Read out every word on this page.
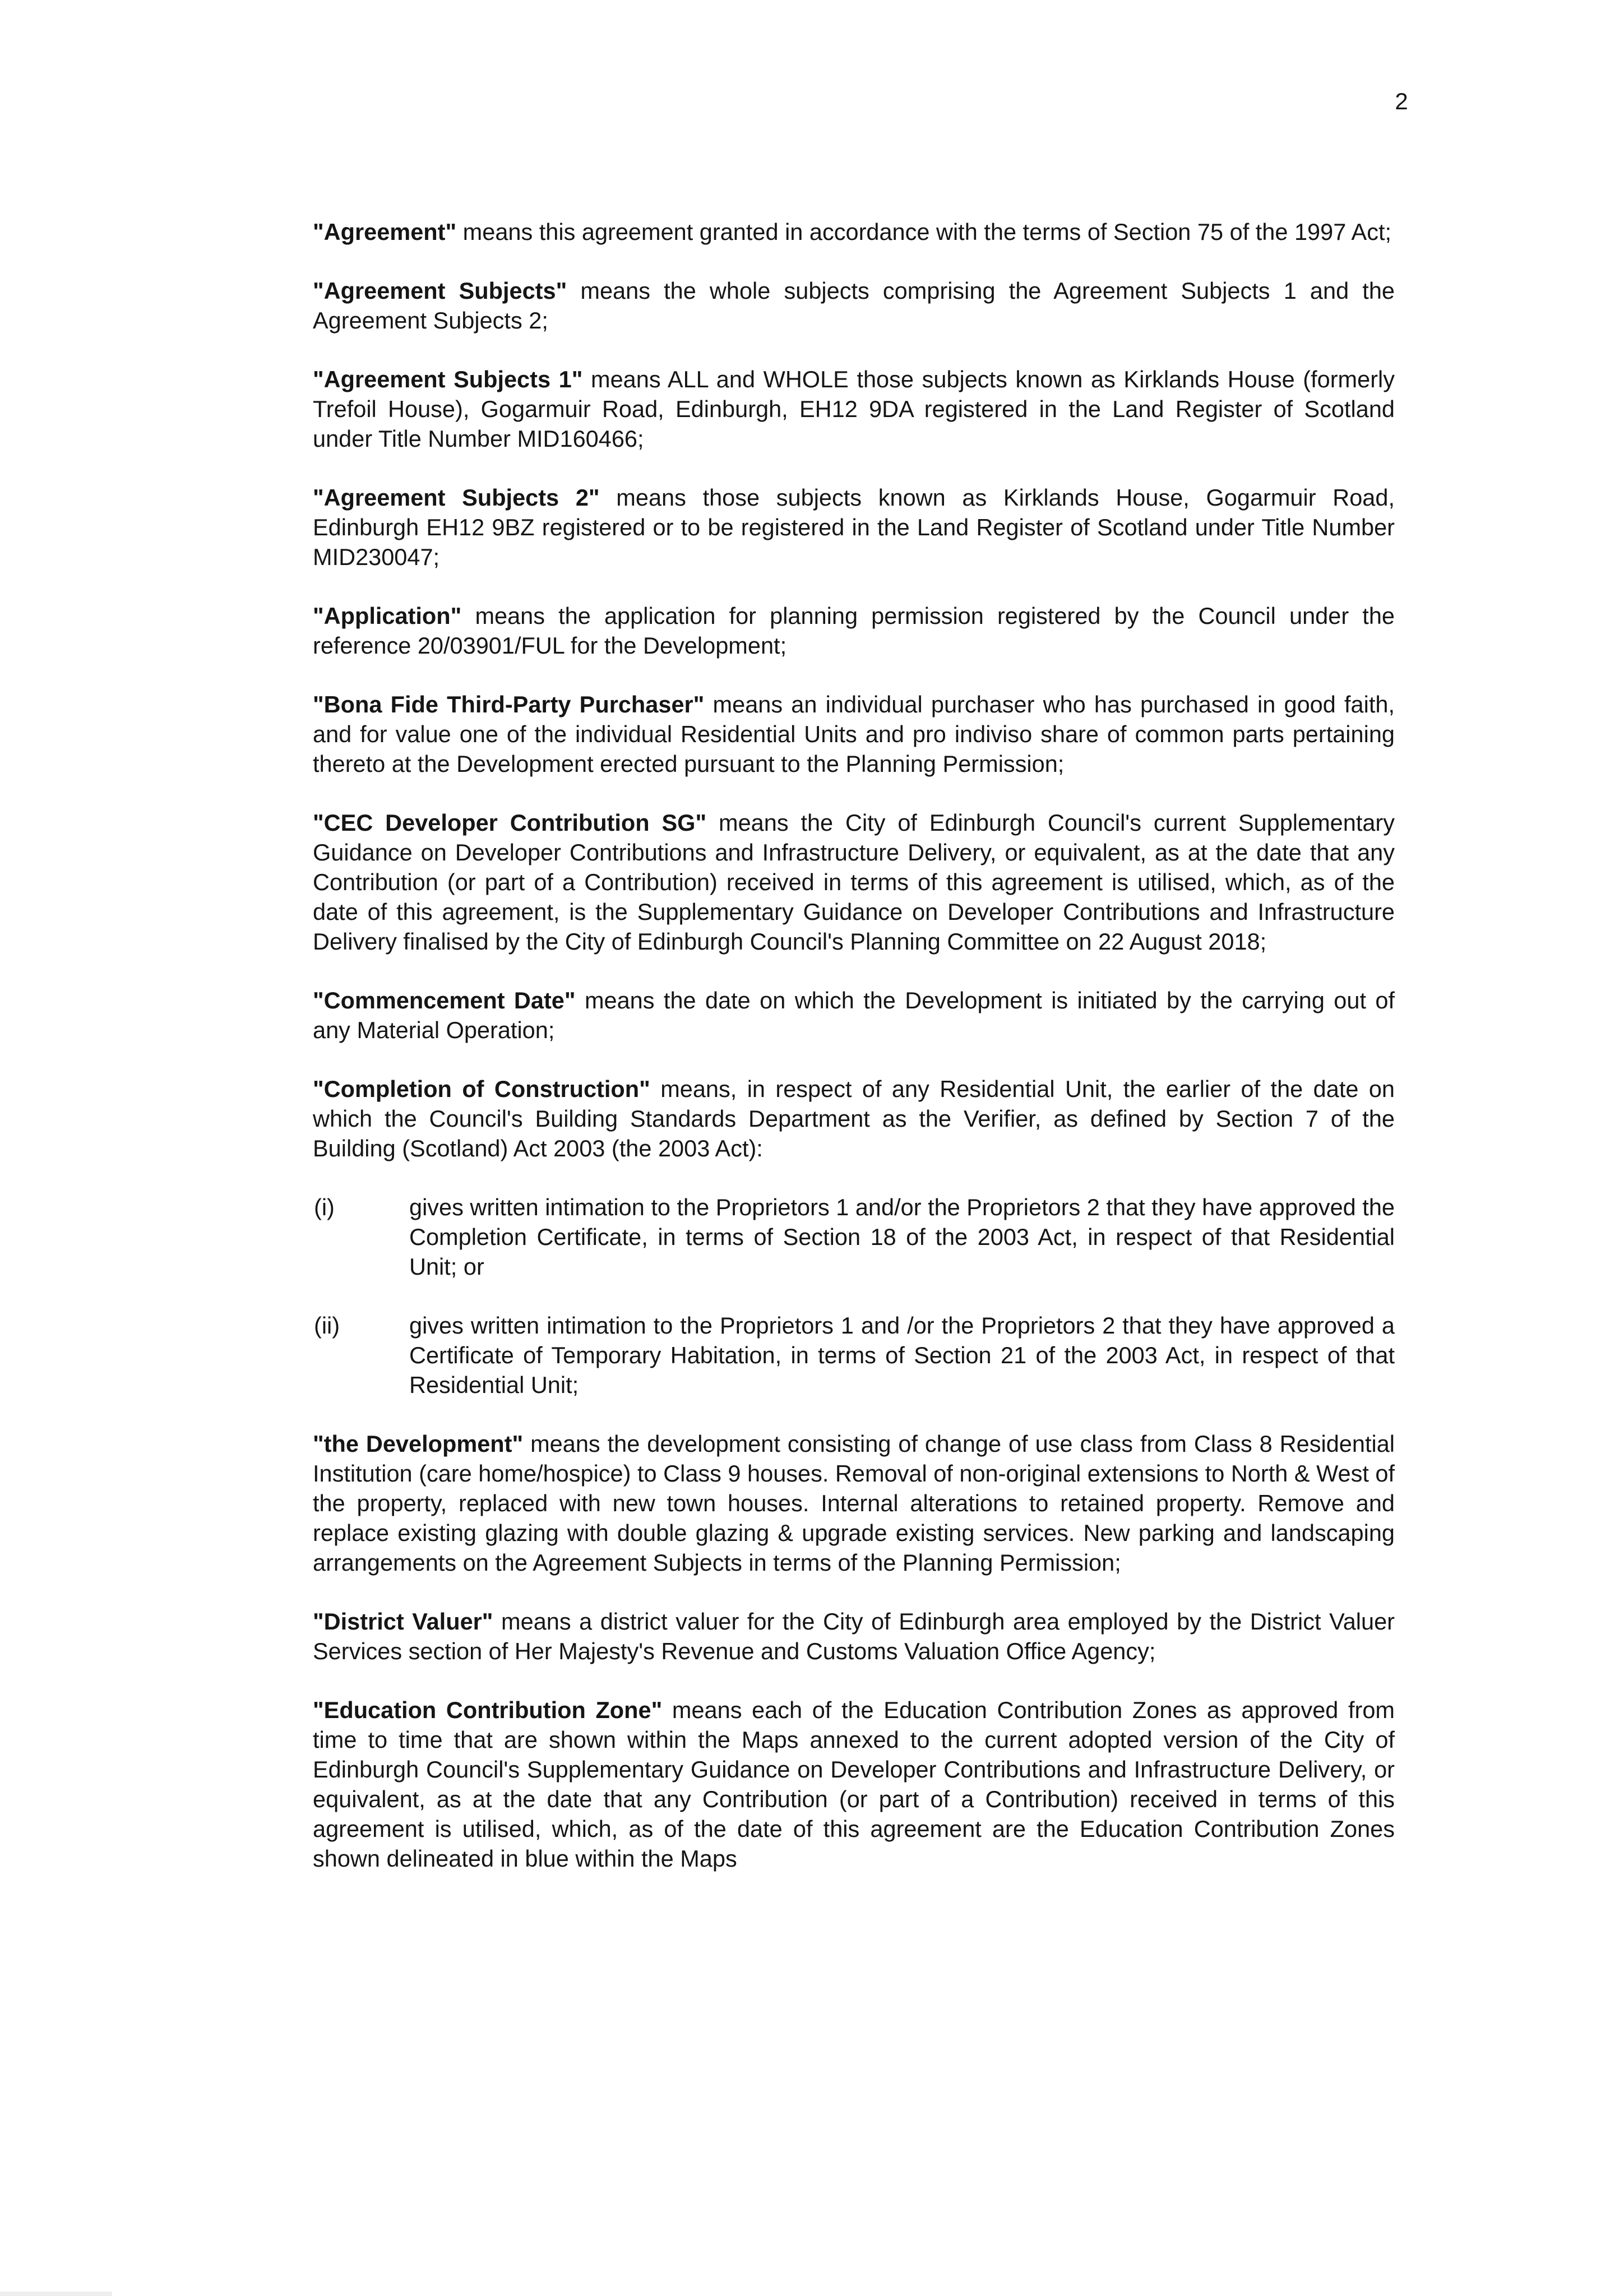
2

"Agreement" means this agreement granted in accordance with the terms of Section 75 of the 1997 Act;

"Agreement Subjects" means the whole subjects comprising the Agreement Subjects 1 and the Agreement Subjects 2;

"Agreement Subjects 1" means ALL and WHOLE those subjects known as Kirklands House (formerly Trefoil House), Gogarmuir Road, Edinburgh, EH12 9DA registered in the Land Register of Scotland under Title Number MID160466;

"Agreement Subjects 2" means those subjects known as Kirklands House, Gogarmuir Road, Edinburgh EH12 9BZ registered or to be registered in the Land Register of Scotland under Title Number MID230047;

"Application" means the application for planning permission registered by the Council under the reference 20/03901/FUL for the Development;

"Bona Fide Third-Party Purchaser" means an individual purchaser who has purchased in good faith, and for value one of the individual Residential Units and pro indiviso share of common parts pertaining thereto at the Development erected pursuant to the Planning Permission;

"CEC Developer Contribution SG" means the City of Edinburgh Council's current Supplementary Guidance on Developer Contributions and Infrastructure Delivery, or equivalent, as at the date that any Contribution (or part of a Contribution) received in terms of this agreement is utilised, which, as of the date of this agreement, is the Supplementary Guidance on Developer Contributions and Infrastructure Delivery finalised by the City of Edinburgh Council's Planning Committee on 22 August 2018;

"Commencement Date" means the date on which the Development is initiated by the carrying out of any Material Operation;

"Completion of Construction" means, in respect of any Residential Unit, the earlier of the date on which the Council's Building Standards Department as the Verifier, as defined by Section 7 of the Building (Scotland) Act 2003 (the 2003 Act):

(i)	gives written intimation to the Proprietors 1 and/or the Proprietors 2 that they have approved the Completion Certificate, in terms of Section 18 of the 2003 Act, in respect of that Residential Unit; or
(ii)	gives written intimation to the Proprietors 1 and /or the Proprietors 2 that they have approved a Certificate of Temporary Habitation, in terms of Section 21 of the 2003 Act, in respect of that Residential Unit;

"the Development" means the development consisting of change of use class from Class 8 Residential Institution (care home/hospice) to Class 9 houses. Removal of non-original extensions to North & West of the property, replaced with new town houses. Internal alterations to retained property. Remove and replace existing glazing with double glazing & upgrade existing services. New parking and landscaping arrangements on the Agreement Subjects in terms of the Planning Permission;

"District Valuer" means a district valuer for the City of Edinburgh area employed by the District Valuer Services section of Her Majesty's Revenue and Customs Valuation Office Agency;

"Education Contribution Zone" means each of the Education Contribution Zones as approved from time to time that are shown within the Maps annexed to the current adopted version of the City of Edinburgh Council's Supplementary Guidance on Developer Contributions and Infrastructure Delivery, or equivalent, as at the date that any Contribution (or part of a Contribution) received in terms of this agreement is utilised, which, as of the date of this agreement are the Education Contribution Zones shown delineated in blue within the Maps
